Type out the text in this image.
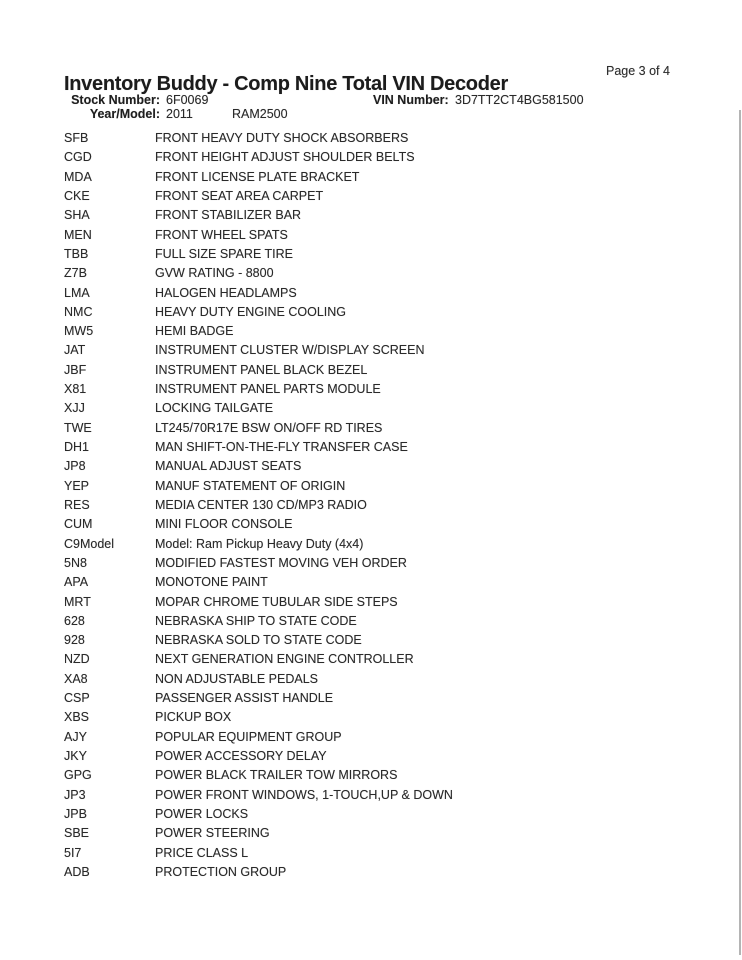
Inventory Buddy - Comp Nine Total VIN Decoder
Page 3 of 4
Stock Number: 6F0069	VIN Number: 3D7TT2CT4BG581500
Year/Model: 2011	RAM2500
SFB	FRONT HEAVY DUTY SHOCK ABSORBERS
CGD	FRONT HEIGHT ADJUST SHOULDER BELTS
MDA	FRONT LICENSE PLATE BRACKET
CKE	FRONT SEAT AREA CARPET
SHA	FRONT STABILIZER BAR
MEN	FRONT WHEEL SPATS
TBB	FULL SIZE SPARE TIRE
Z7B	GVW RATING - 8800
LMA	HALOGEN HEADLAMPS
NMC	HEAVY DUTY ENGINE COOLING
MW5	HEMI BADGE
JAT	INSTRUMENT CLUSTER W/DISPLAY SCREEN
JBF	INSTRUMENT PANEL BLACK BEZEL
X81	INSTRUMENT PANEL PARTS MODULE
XJJ	LOCKING TAILGATE
TWE	LT245/70R17E BSW ON/OFF RD TIRES
DH1	MAN SHIFT-ON-THE-FLY TRANSFER CASE
JP8	MANUAL ADJUST SEATS
YEP	MANUF STATEMENT OF ORIGIN
RES	MEDIA CENTER 130 CD/MP3 RADIO
CUM	MINI FLOOR CONSOLE
C9Model	Model: Ram Pickup Heavy Duty (4x4)
5N8	MODIFIED FASTEST MOVING VEH ORDER
APA	MONOTONE PAINT
MRT	MOPAR CHROME TUBULAR SIDE STEPS
628	NEBRASKA SHIP TO STATE CODE
928	NEBRASKA SOLD TO STATE CODE
NZD	NEXT GENERATION ENGINE CONTROLLER
XA8	NON ADJUSTABLE PEDALS
CSP	PASSENGER ASSIST HANDLE
XBS	PICKUP BOX
AJY	POPULAR EQUIPMENT GROUP
JKY	POWER ACCESSORY DELAY
GPG	POWER BLACK TRAILER TOW MIRRORS
JP3	POWER FRONT WINDOWS, 1-TOUCH,UP & DOWN
JPB	POWER LOCKS
SBE	POWER STEERING
5I7	PRICE CLASS L
ADB	PROTECTION GROUP
